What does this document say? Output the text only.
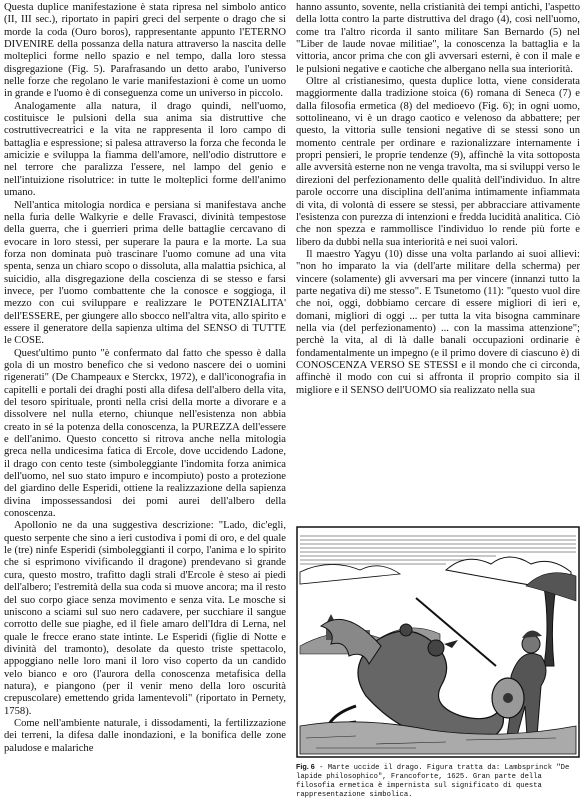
Questa duplice manifestazione è stata ripresa nel simbolo antico (II, III sec.), riportato in papiri greci del serpente o drago che si morde la coda (Ouro boros), rappresentante appunto l'ETERNO DIVENIRE della possanza della natura attraverso la nascita delle molteplici forme nello spazio e nel tempo, dalla loro stessa disgregazione (Fig. 5). Parafrasando un detto arabo, l'universo nelle forze che regolano le varie manifestazioni è come un uomo in grande e l'uomo è di conseguenza come un universo in piccolo.

Analogamente alla natura, il drago quindi, nell'uomo, costituisce le pulsioni della sua anima sia distruttive che costruttivecreatrici e la vita ne rappresenta il loro campo di battaglia e espressione; si palesa attraverso la forza che feconda le amicizie e sviluppa la fiamma dell'amore, nell'odio distruttore e nel terrore che paralizza l'essere, nel lampo del genio e nell'intuizione risolutrice: in tutte le molteplici forme dell'animo umano.

Nell'antica mitologia nordica e persiana si manifestava anche nella furia delle Walkyrie e delle Fravasci, divinità tempestose della guerra, che i guerrieri prima delle battaglie cercavano di evocare in loro stessi, per superare la paura e la morte. La sua forza non dominata può trascinare l'uomo comune ad una vita spenta, senza un chiaro scopo o dissoluta, alla malattia psichica, al suicidio, alla disgregazione della coscienza di se stesso e farsi invece, per l'uomo combattente che la conosce e soggioga, il mezzo con cui sviluppare e realizzare le POTENZIALITA' dell'ESSERE, per giungere allo sbocco nell'altra vita, allo spirito e essere il generatore della sapienza ultima del SENSO di TUTTE le COSE.

Quest'ultimo punto "è confermato dal fatto che spesso è dalla gola di un mostro benefico che si vedono nascere dei o uomini rigenerati" (De Champeaux e Sterckx, 1972), e dall'iconografia in capitelli e portali dei draghi posti alla difesa dell'albero della vita, del tesoro spirituale, pronti nella crisi della morte a divorare e a dissolvere nel nulla eterno, chiunque nell'esistenza non abbia creato in sé la potenza della conoscenza, la PUREZZA dell'essere e dell'animo. Questo concetto si ritrova anche nella mitologia greca nella undicesima fatica di Ercole, dove uccidendo Ladone, il drago con cento teste (simboleggiante l'indomita forza animica dell'uomo, nel suo stato impuro e incompiuto) posto a protezione del giardino delle Esperidi, ottiene la realizzazione della sapienza divina impossessandosi dei pomi aurei dell'albero della conoscenza.

Apollonio ne da una suggestiva descrizione: "Lado, dic'egli, questo serpente che sino a ieri custodiva i pomi di oro, e del quale le (tre) ninfe Esperidi (simboleggianti il corpo, l'anima e lo spirito che si esprimono vivificando il dragone) prendevano sì grande cura, questo mostro, trafitto dagli strali d'Ercole è steso ai piedi dell'albero; l'estremità della sua coda si muove ancora; ma il resto del suo corpo giace senza movimento e senza vita. Le mosche si uniscono a sciami sul suo nero cadavere, per succhiare il sangue corrotto delle sue piaghe, ed il fiele amaro dell'Idra di Lerna, nel quale le frecce erano state intinte. Le Esperidi (figlie di Notte e divinità del tramonto), desolate da questo triste spettacolo, appoggiano nelle loro mani il loro viso coperto da un candido velo bianco e oro (l'aurora della conoscenza metafisica della natura), e piangono (per il venir meno della loro oscurità crepuscolare) emettendo grida lamentevoli" (riportato in Pernety, 1758).

Come nell'ambiente naturale, i dissodamenti, la fertilizzazione dei terreni, la difesa dalle inondazioni, e la bonifica delle zone paludose e malariche

hanno assunto, sovente, nella cristianità dei tempi antichi, l'aspetto della lotta contro la parte distruttiva del drago (4), così nell'uomo, come tra l'altro ricorda il santo militare San Bernardo (5) nel "Liber de laude novae militiae", la conoscenza la battaglia e la vittoria, ancor prima che con gli avversari esterni, è con il male e le pulsioni negative e caotiche che albergano nella sua interiorità.

Oltre al cristianesimo, questa duplice lotta, viene considerata maggiormente dalla tradizione stoica (6) romana di Seneca (7) e dalla filosofia ermetica (8) del medioevo (Fig. 6); in ogni uomo, sottolineano, vi è un drago caotico e velenoso da abbattere; per questo, la vittoria sulle tensioni negative di se stessi sono un momento centrale per ordinare e razionalizzare internamente i propri pensieri, le proprie tendenze (9), affinchè la vita sottoposta alle avversità esterne non ne venga travolta, ma si sviluppi verso le direzioni del perfezionamento delle qualità dell'individuo. In altre parole occorre una disciplina dell'anima intimamente infiammata di vita, di volontà di essere se stessi, per abbracciare attivamente l'esistenza con purezza di intenzioni e fredda lucidità analitica. Ciò che non spezza e rammollisce l'individuo lo rende più forte e libero da dubbi nella sua interiorità e nei suoi valori.

Il maestro Yagyu (10) disse una volta parlando ai suoi allievi: "non ho imparato la via (dell'arte militare della scherma) per vincere (solamente) gli avversari ma per vincere (innanzi tutto la parte negativa di) me stesso". E Tsunetomo (11): "questo vuol dire che noi, oggi, dobbiamo cercare di essere migliori di ieri e, domani, migliori di oggi ... per tutta la vita bisogna camminare nella via (del perfezionamento) ... con la massima attenzione"; perchè la vita, al di là dalle banali occupazioni ordinarie è fondamentalmente un impegno (e il primo dovere di ciascuno è) di CONOSCENZA VERSO SE STESSI e il mondo che ci circonda, affinchè il modo con cui si affronta il proprio compito sia il migliore e il SENSO dell'UOMO sia realizzato nella sua

Fig. 6 - Marte uccide il drago. Figura tratta da: Lambsprinck "De lapide philosophico", Francoforte, 1625. Gran parte della filosofia ermetica è impernista sul significato di questa rappresentazione simbolica.
